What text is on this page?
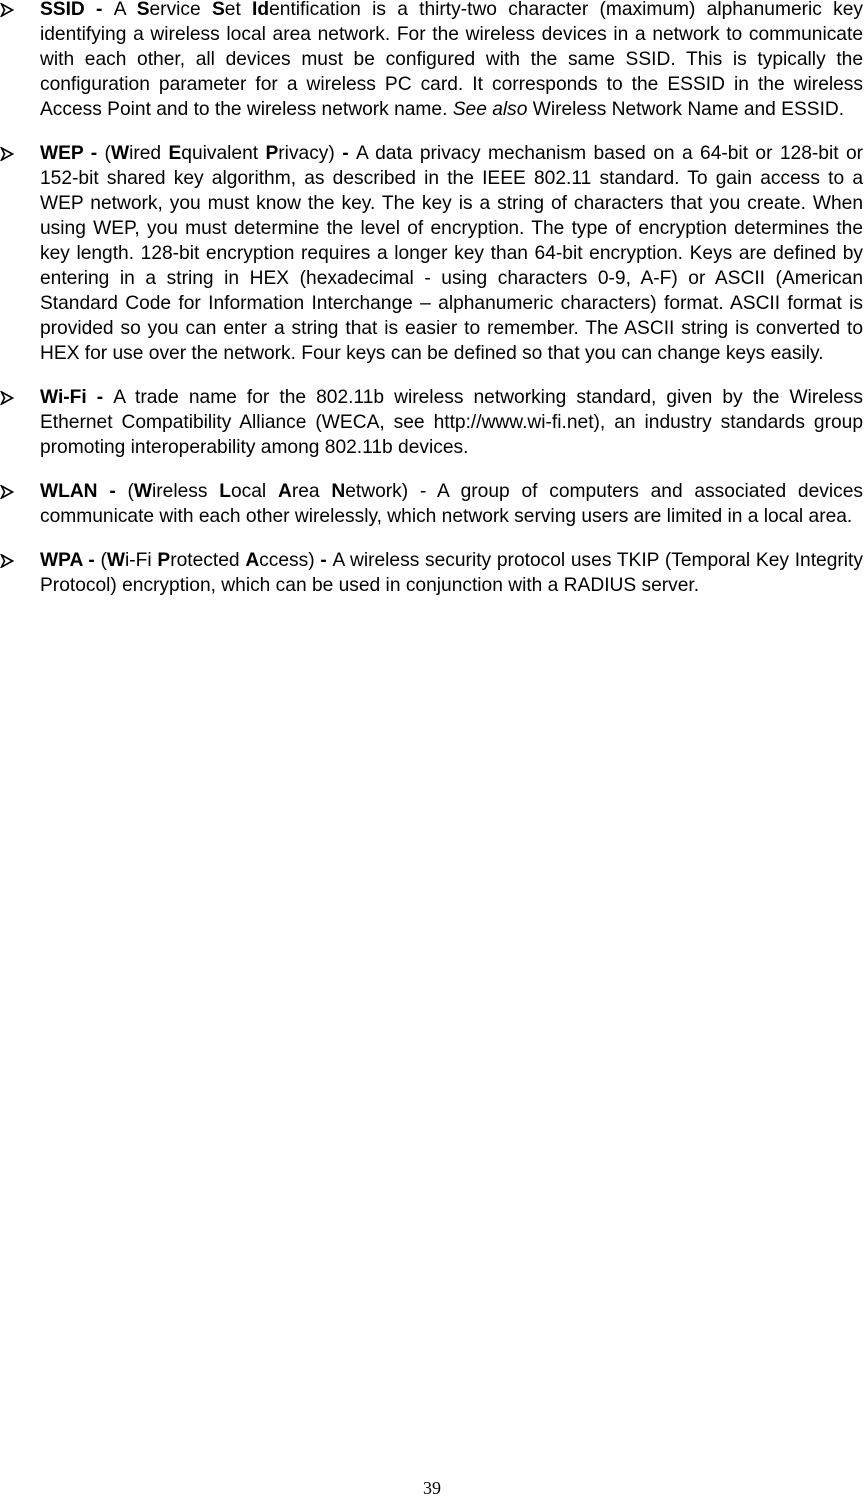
SSID - A Service Set Identification is a thirty-two character (maximum) alphanumeric key identifying a wireless local area network. For the wireless devices in a network to communicate with each other, all devices must be configured with the same SSID. This is typically the configuration parameter for a wireless PC card. It corresponds to the ESSID in the wireless Access Point and to the wireless network name. See also Wireless Network Name and ESSID.
WEP - (Wired Equivalent Privacy) - A data privacy mechanism based on a 64-bit or 128-bit or 152-bit shared key algorithm, as described in the IEEE 802.11 standard. To gain access to a WEP network, you must know the key. The key is a string of characters that you create. When using WEP, you must determine the level of encryption. The type of encryption determines the key length. 128-bit encryption requires a longer key than 64-bit encryption. Keys are defined by entering in a string in HEX (hexadecimal - using characters 0-9, A-F) or ASCII (American Standard Code for Information Interchange – alphanumeric characters) format. ASCII format is provided so you can enter a string that is easier to remember. The ASCII string is converted to HEX for use over the network. Four keys can be defined so that you can change keys easily.
Wi-Fi - A trade name for the 802.11b wireless networking standard, given by the Wireless Ethernet Compatibility Alliance (WECA, see http://www.wi-fi.net), an industry standards group promoting interoperability among 802.11b devices.
WLAN - (Wireless Local Area Network) - A group of computers and associated devices communicate with each other wirelessly, which network serving users are limited in a local area.
WPA - (Wi-Fi Protected Access) - A wireless security protocol uses TKIP (Temporal Key Integrity Protocol) encryption, which can be used in conjunction with a RADIUS server.
39
